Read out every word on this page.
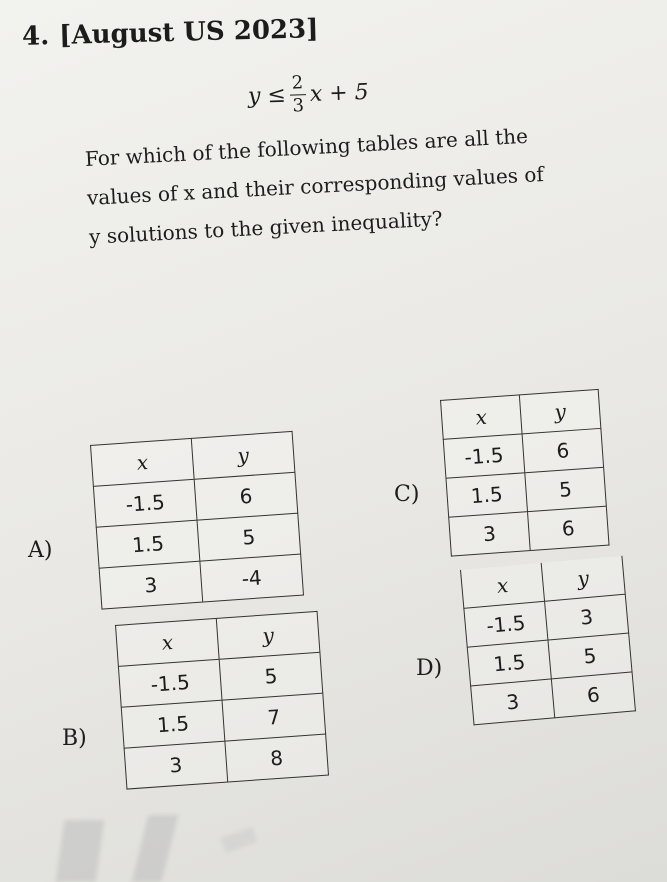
4. [August US 2023]
$y \le \frac{2}{3}$ x + 5
For which of the following tables are all the
values of x and their corresponding values of
y solutions to the given inequality?
A)
x	y
-1.5	6
1.5	5
3	-4
B)
x	y
-1.5	5
1.5	7
3	8
C)
x	y
-1.5	6
1.5	5
3	6
D)
x	y
-1.5	3
1.5	5
3	6
